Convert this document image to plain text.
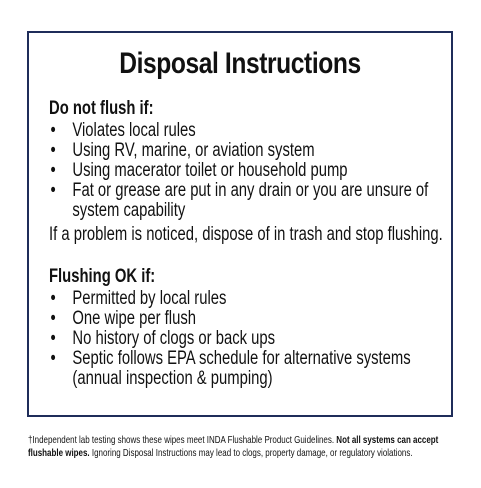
Disposal Instructions
Do not flush if:
• Violates local rules
• Using RV, marine, or aviation system
• Using macerator toilet or household pump
• Fat or grease are put in any drain or you are unsure of system capability
If a problem is noticed, dispose of in trash and stop flushing.
Flushing OK if:
• Permitted by local rules
• One wipe per flush
• No history of clogs or back ups
• Septic follows EPA schedule for alternative systems (annual inspection & pumping)
†Independent lab testing shows these wipes meet INDA Flushable Product Guidelines. Not all systems can accept flushable wipes. Ignoring Disposal Instructions may lead to clogs, property damage, or regulatory violations.
